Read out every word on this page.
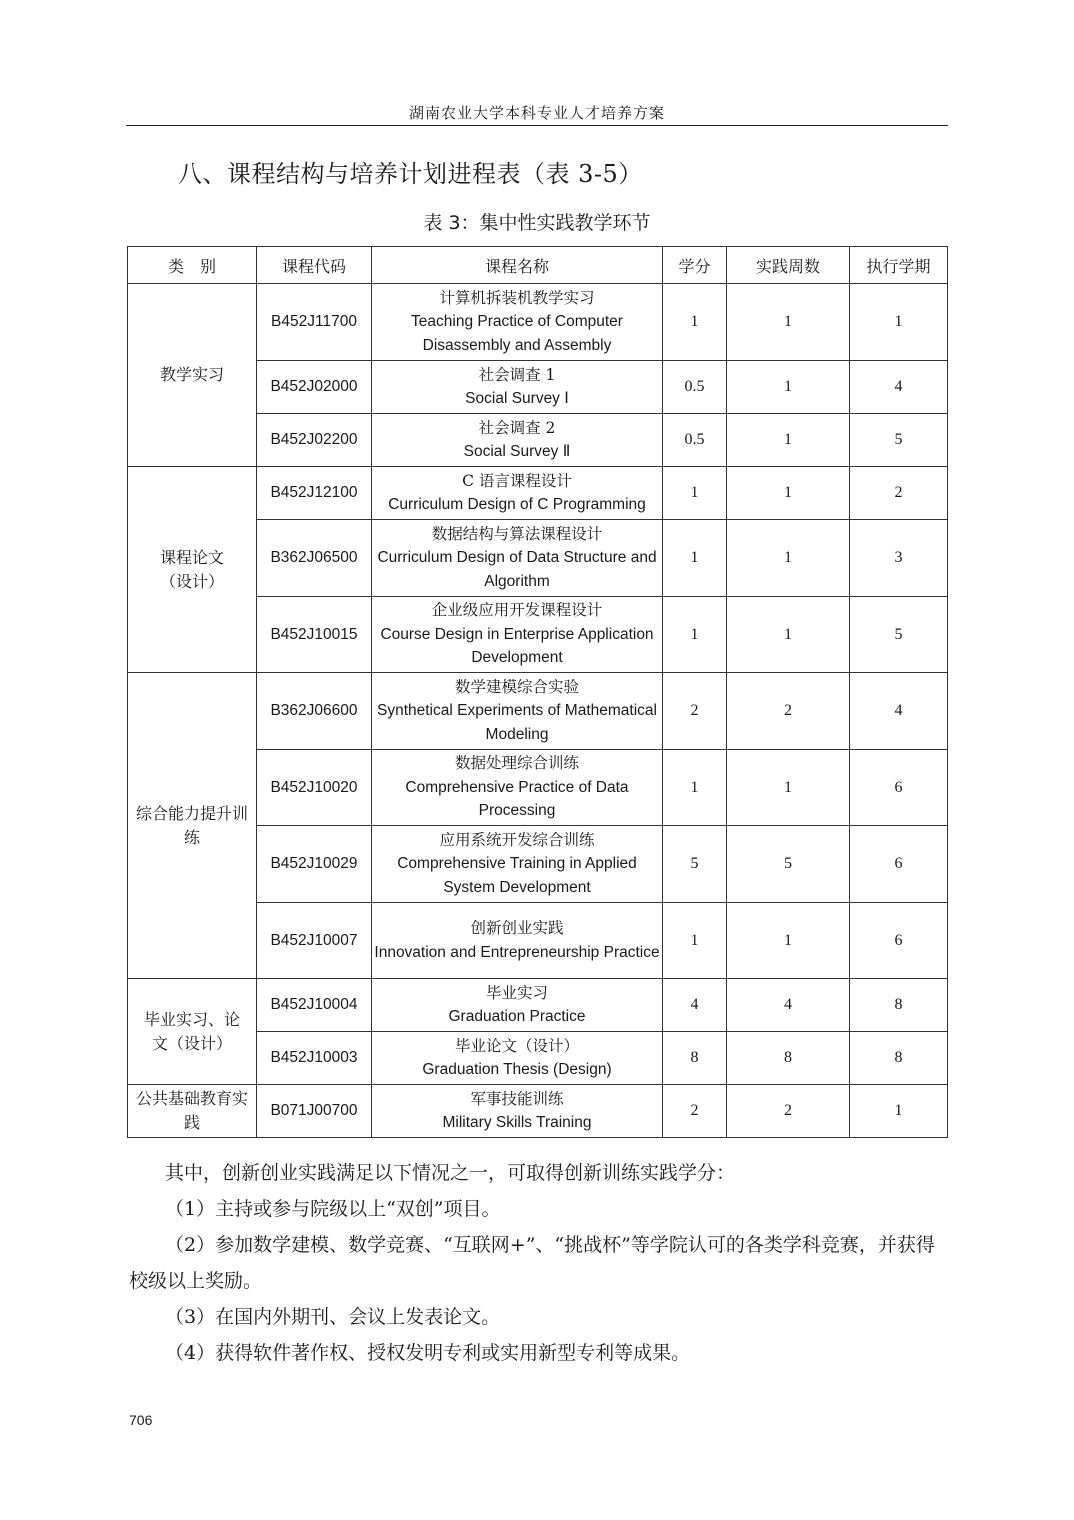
湖南农业大学本科专业人才培养方案
八、课程结构与培养计划进程表（表 3-5）
表 3：集中性实践教学环节
类　别	课程代码	课程名称	学分	实践周数	执行学期

教学实习	B452J11700	计算机拆装机教学实习
Teaching Practice of Computer Disassembly and Assembly	1	1	1
	B452J02000	社会调查 1
Social Survey Ⅰ	0.5	1	4
	B452J02200	社会调查 2
Social Survey Ⅱ	0.5	1	5

课程论文（设计）	B452J12100	C 语言课程设计
Curriculum Design of C Programming	1	1	2
	B362J06500	数据结构与算法课程设计
Curriculum Design of Data Structure and Algorithm	1	1	3
	B452J10015	企业级应用开发课程设计
Course Design in Enterprise Application Development	1	1	5

综合能力提升训练	B362J06600	数学建模综合实验
Synthetical Experiments of Mathematical Modeling	2	2	4
	B452J10020	数据处理综合训练
Comprehensive Practice of Data Processing	1	1	6
	B452J10029	应用系统开发综合训练
Comprehensive Training in Applied System Development	5	5	6
	B452J10007	创新创业实践
Innovation and Entrepreneurship Practice	1	1	6

毕业实习、论文（设计）	B452J10004	毕业实习
Graduation Practice	4	4	8
	B452J10003	毕业论文（设计）
Graduation Thesis (Design)	8	8	8

公共基础教育实践	B071J00700	军事技能训练
Military Skills Training	2	2	1

其中，创新创业实践满足以下情况之一，可取得创新训练实践学分：

（1）主持或参与院级以上“双创”项目。

（2）参加数学建模、数学竞赛、“互联网+”、“挑战杯”等学院认可的各类学科竞赛，并获得校级以上奖励。

（3）在国内外期刊、会议上发表论文。

（4）获得软件著作权、授权发明专利或实用新型专利等成果。

706
